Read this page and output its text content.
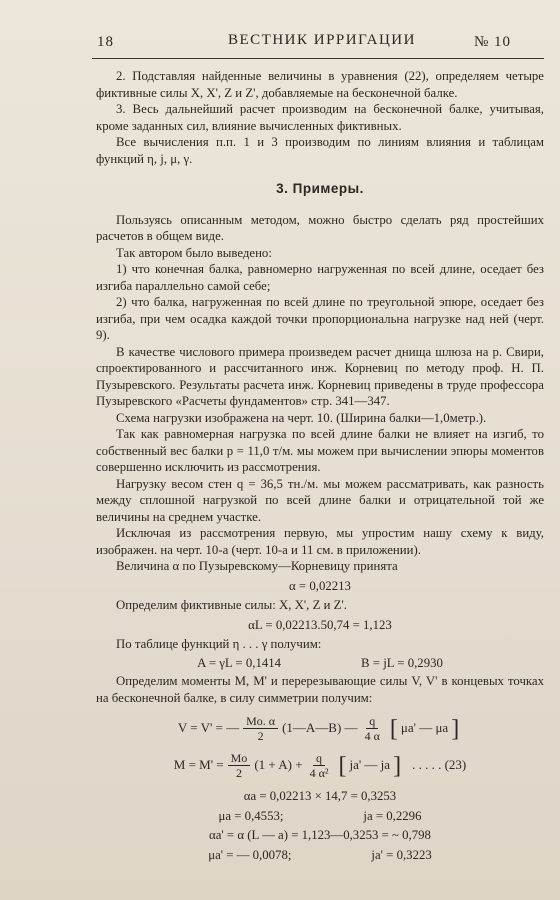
18	ВЕСТНИК ИРРИГАЦИИ	№ 10

2. Подставляя найденные величины в уравнения (22), определяем четыре фиктивные силы X, X', Z и Z', добавляемые на бесконечной балке.

3. Весь дальнейший расчет производим на бесконечной балке, учитывая, кроме заданных сил, влияние вычисленных фиктивных.

Все вычисления п.п. 1 и 3 производим по линиям влияния и таблицам функций η, j, μ, γ.

3. Примеры.

Пользуясь описанным методом, можно быстро сделать ряд простейших расчетов в общем виде.

Так автором было выведено:

1) что конечная балка, равномерно нагруженная по всей длине, оседает без изгиба параллельно самой себе;

2) что балка, нагруженная по всей длине по треугольной эпюре, оседает без изгиба, при чем осадка каждой точки пропорциональна нагрузке над ней (черт. 9).

В качестве числового примера произведем расчет днища шлюза на р. Свири, спроектированного и рассчитанного инж. Корневиц по методу проф. Н. П. Пузыревского. Результаты расчета инж. Корневиц приведены в труде профессора Пузыревского «Расчеты фундаментов» стр. 341—347.

Схема нагрузки изображена на черт. 10. (Ширина балки—1,0метр.).

Так как равномерная нагрузка по всей длине балки не влияет на изгиб, то собственный вес балки p = 11,0 т/м. мы можем при вычислении эпюры моментов совершенно исключить из рассмотрения.

Нагрузку весом стен q = 36,5 тн./м. мы можем рассматривать, как разность между сплошной нагрузкой по всей длине балки и отрицательной той же величины на среднем участке.

Исключая из рассмотрения первую, мы упростим нашу схему к виду, изображен. на черт. 10-а (черт. 10-а и 11 см. в приложении).

Величина α по Пузыревскому—Корневицу принята

α = 0,02213

Определим фиктивные силы: X, X', Z и Z'.

αL = 0,02213.50,74 = 1,123

По таблице функций η . . . γ получим:

A = γL = 0,1414	B = jL = 0,2930

Определим моменты M, M' и перерезывающие силы V, V' в концевых точках на бесконечной балке, в силу симметрии получим:

V = V' = — $\frac{Mo. \alpha}{2}$ (1—A—B) — $\frac{q}{4 \alpha}$ [ μa' — μa ]
$M = M' = \frac{Mo}{2} (1 + A) + \frac{q}{\text{4 α²}}$ [ ja' — ja ] . . . . . (23)
αa = 0,02213 × 14,7 = 0,3253
μa = 0,4553;	ja = 0,2296
αa' = α (L — a) = 1,123—0,3253 = ~ 0,798
μa' = — 0,0078;	ja' = 0,3223
